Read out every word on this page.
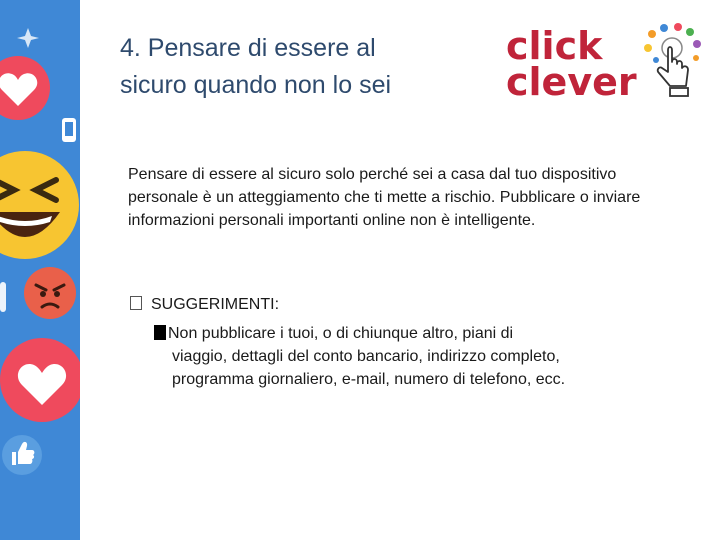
4. Pensare di essere al
sicuro quando non lo sei
click
clever
Pensare di essere al sicuro solo perché sei a casa dal tuo dispositivo personale è un atteggiamento che ti mette a rischio. Pubblicare o inviare informazioni personali importanti online non è intelligente.
SUGGERIMENTI:
Non pubblicare i tuoi, o di chiunque altro, piani di
viaggio, dettagli del conto bancario, indirizzo completo,
programma giornaliero, e-mail, numero di telefono, ecc.
